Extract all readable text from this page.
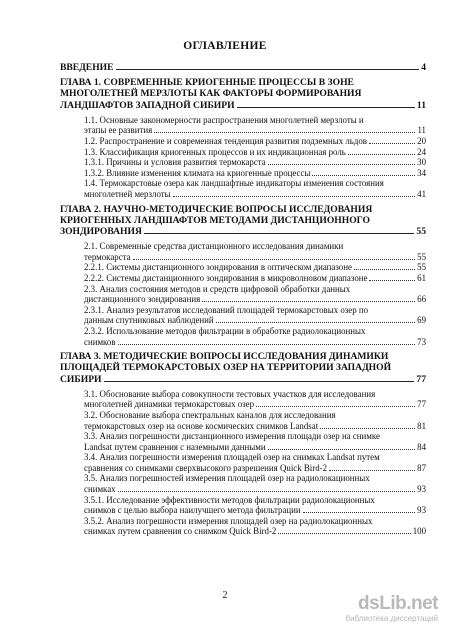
ОГЛАВЛЕНИЕ
ВВЕДЕНИЕ	4
ГЛАВА 1. СОВРЕМЕННЫЕ КРИОГЕННЫЕ ПРОЦЕССЫ В ЗОНЕ
МНОГОЛЕТНЕЙ МЕРЗЛОТЫ КАК ФАКТОРЫ ФОРМИРОВАНИЯ
ЛАНДШАФТОВ ЗАПАДНОЙ СИБИРИ	11
1.1. Основные закономерности распространения многолетней мерзлоты и
этапы ее развития	11
1.2. Распространение и современная тенденция развития подземных льдов	20
1.3. Классификация криогенных процессов и их индикационная роль	24
1.3.1. Причины и условия развития термокарста	30
1.3.2. Влияние изменения климата на криогенные процессы	34
1.4. Термокарстовые озера как ландшафтные индикаторы изменения состояния
многолетней мерзлоты	41
ГЛАВА 2. НАУЧНО-МЕТОДИЧЕСКИЕ ВОПРОСЫ ИССЛЕДОВАНИЯ
КРИОГЕННЫХ ЛАНДШАФТОВ МЕТОДАМИ ДИСТАНЦИОННОГО
ЗОНДИРОВАНИЯ	55
2.1. Современные средства дистанционного исследования динамики
термокарста	55
2.2.1. Системы дистанционного зондирования в оптическом диапазоне	55
2.2.2. Системы дистанционного зондирования в микроволновом диапазоне	61
2.3. Анализ состояния методов и средств цифровой обработки данных
дистанционного зондирования	66
2.3.1. Анализ результатов исследований площадей термокарстовых озер по
данным спутниковых наблюдений	69
2.3.2. Использование методов фильтрации в обработке радиолокационных
снимков	73
ГЛАВА 3. МЕТОДИЧЕСКИЕ ВОПРОСЫ ИССЛЕДОВАНИЯ ДИНАМИКИ
ПЛОЩАДЕЙ ТЕРМОКАРСТОВЫХ ОЗЕР НА ТЕРРИТОРИИ ЗАПАДНОЙ
СИБИРИ	77
3.1. Обоснование выбора совокупности тестовых участков для исследования
многолетней динамики термокарстовых озер	77
3.2. Обоснование выбора спектральных каналов для исследования
термокарстовых озер на основе космических снимков Landsat	81
3.3. Анализ погрешности дистанционного измерения площади озер на снимке
Landsat путем сравнения с наземными данными	84
3.4. Анализ погрешности измерения площадей озер на снимках Landsat путем
сравнения со снимками сверхвысокого разрешения Quick Bird-2	87
3.5. Анализ погрешностей измерения площадей озер на радиолокационных
снимках	93
3.5.1. Исследование эффективности методов фильтрации радиолокационных
снимков с целью выбора наилучшего метода фильтрации	93
3.5.2. Анализ погрешности измерения площадей озер на радиолокационных
снимках путем сравнения со снимком Quick Bird-2	100
2	dsLib.net
библиотека диссертаций
